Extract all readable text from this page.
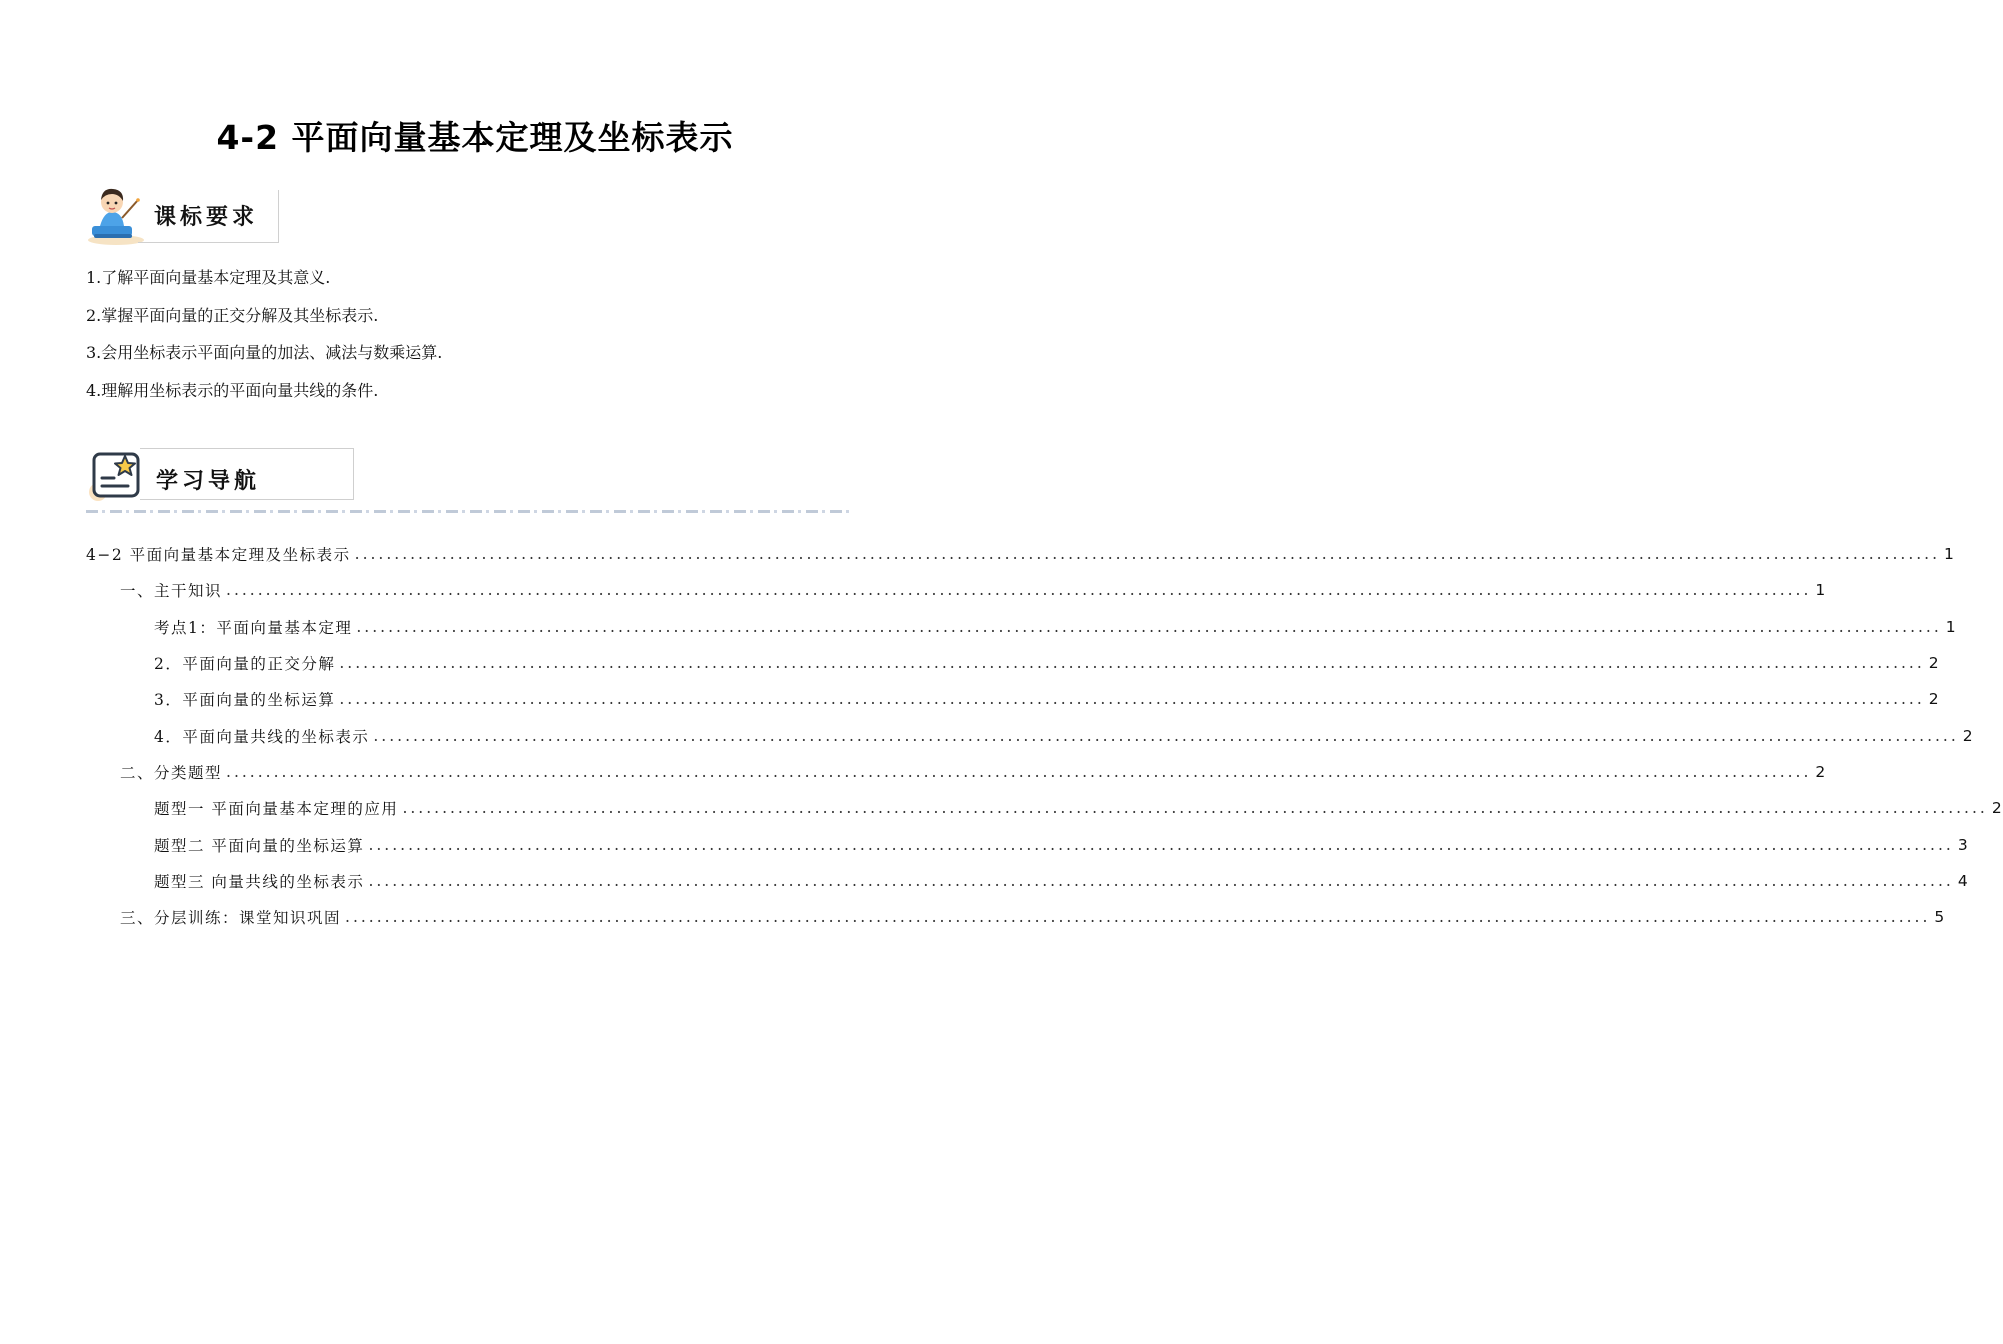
4-2 平面向量基本定理及坐标表示
课标要求
1.了解平面向量基本定理及其意义.
2.掌握平面向量的正交分解及其坐标表示.
3.会用坐标表示平面向量的加法、减法与数乘运算.
4.理解用坐标表示的平面向量共线的条件.
学习导航
4−2 平面向量基本定理及坐标表示 ........................................................................................................................................................................................................ 1
一、主干知识 ........................................................................................................................................................................................................ 1
考点1：平面向量基本定理 ........................................................................................................................................................................................................ 1
2．平面向量的正交分解 ........................................................................................................................................................................................................ 2
3．平面向量的坐标运算 ........................................................................................................................................................................................................ 2
4．平面向量共线的坐标表示 ........................................................................................................................................................................................................ 2
二、分类题型 ........................................................................................................................................................................................................ 2
题型一 平面向量基本定理的应用 ........................................................................................................................................................................................................ 2
题型二 平面向量的坐标运算 ........................................................................................................................................................................................................ 3
题型三 向量共线的坐标表示 ........................................................................................................................................................................................................ 4
三、分层训练：课堂知识巩固 ........................................................................................................................................................................................................ 5
